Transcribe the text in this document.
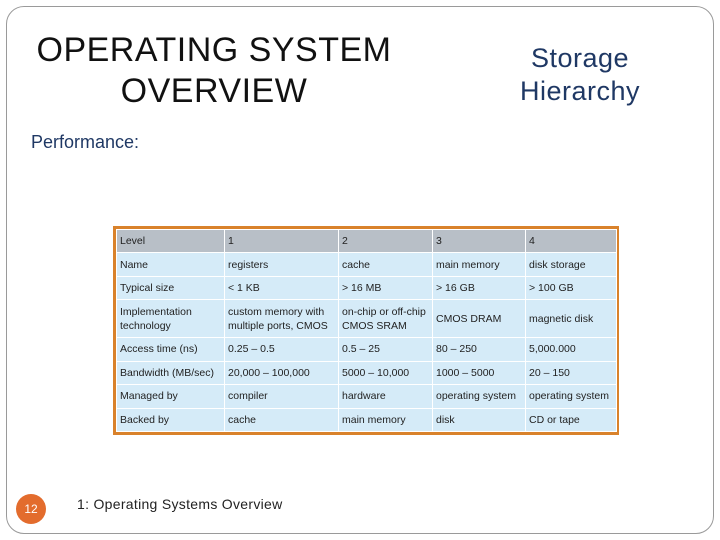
OPERATING SYSTEM
OVERVIEW
Storage
Hierarchy
Performance:
Level	1	2	3	4
Name	registers	cache	main memory	disk storage
Typical size	< 1 KB	> 16 MB	> 16 GB	> 100 GB
Implementation technology	custom memory with multiple ports, CMOS	on-chip or off-chip CMOS SRAM	CMOS DRAM	magnetic disk
Access time (ns)	0.25 – 0.5	0.5 – 25	80 – 250	5,000.000
Bandwidth (MB/sec)	20,000 – 100,000	5000 – 10,000	1000 – 5000	20 – 150
Managed by	compiler	hardware	operating system	operating system
Backed by	cache	main memory	disk	CD or tape
12	1: Operating Systems Overview
